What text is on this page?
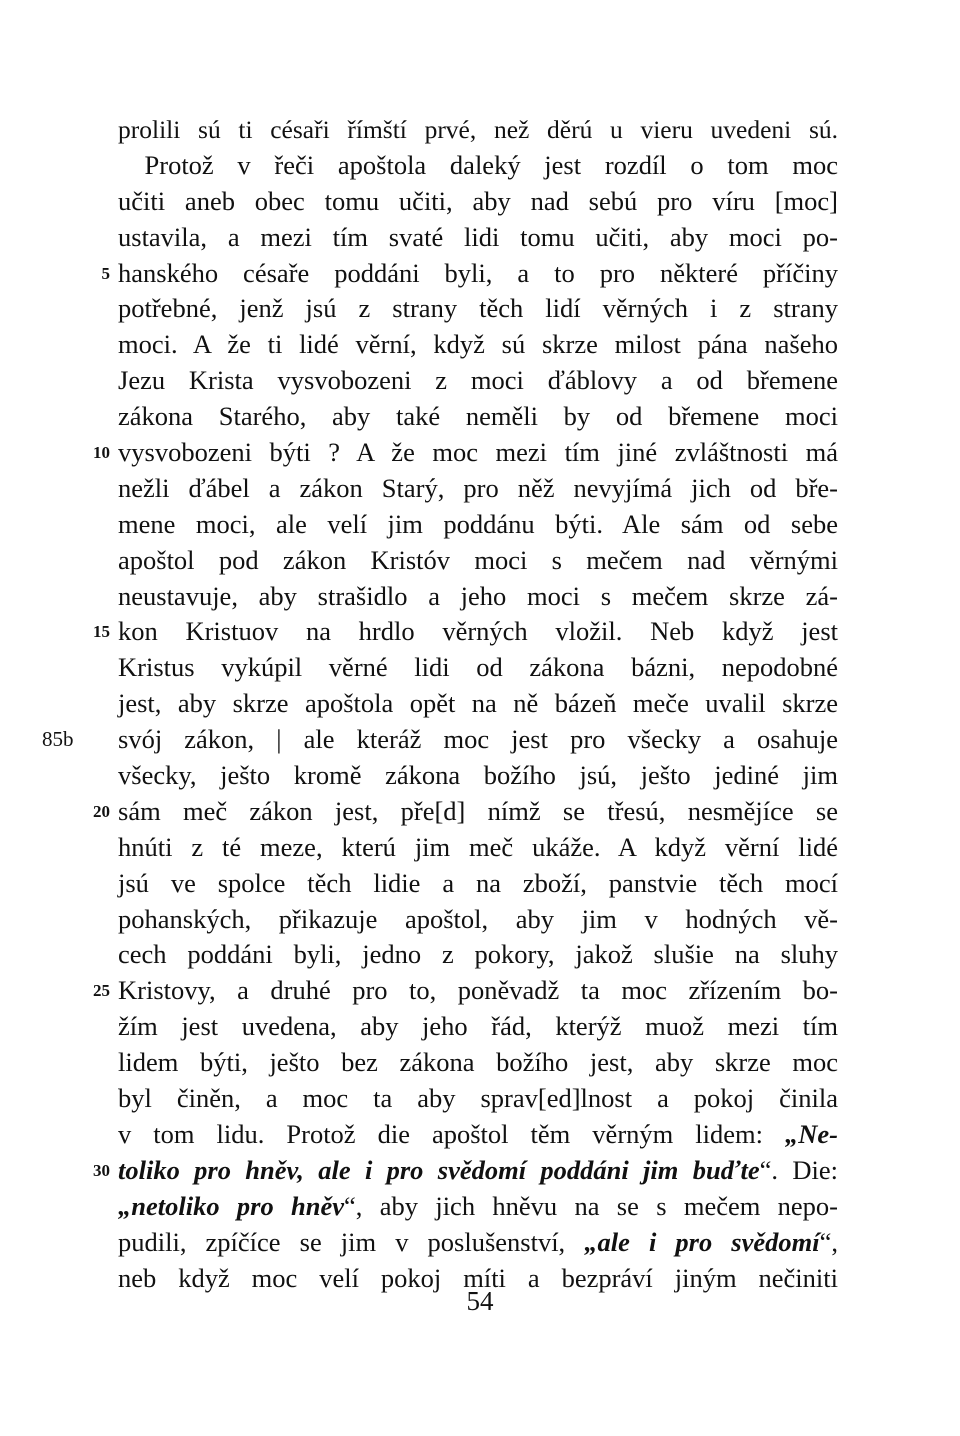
prolili sú ti césaři římští prvé, než děrú u vieru uvedeni sú.
 Protož v řeči apoštola daleký jest rozdíl o tom moc
učiti aneb obec tomu učiti, aby nad sebú pro víru [moc]
ustavila, a mezi tím svaté lidi tomu učiti, aby moci po-
5 hanského césaře poddáni byli, a to pro některé příčiny
potřebné, jenž jsú z strany těch lidí věrných i z strany
moci. A že ti lidé věrní, když sú skrze milost pána našeho
Jezu Krista vysvobozeni z moci ďáblovy a od břemene
zákona Starého, aby také neměli by od břemene moci
10 vysvobozeni býti ? A že moc mezi tím jiné zvláštnosti má
nežli ďábel a zákon Starý, pro něž nevyjímá jich od bře-
mene moci, ale velí jim poddánu býti. Ale sám od sebe
apoštol pod zákon Kristóv moci s mečem nad věrnými
neustavuje, aby strašidlo a jeho moci s mečem skrze zá-
15 kon Kristuov na hrdlo věrných vložil. Neb když jest
Kristus vykúpil věrné lidi od zákona bázni, nepodobné
jest, aby skrze apoštola opět na ně bázeň meče uvalil skrze
85b	svój zákon, | ale kteráž moc jest pro všecky a osahuje
všecky, ješto kromě zákona božího jsú, ješto jediné jim
20 sám meč zákon jest, pře[d] nímž se třesú, nesmějíce se
hnúti z té meze, kterú jim meč ukáže. A když věrní lidé
jsú ve spolce těch lidie a na zboží, panstvie těch mocí
pohanských, přikazuje apoštol, aby jim v hodných vě-
cech poddáni byli, jedno z pokory, jakož slušie na sluhy
25 Kristovy, a druhé pro to, poněvadž ta moc zřízením bo-
žím jest uvedena, aby jeho řád, kterýž muož mezi tím
lidem býti, ješto bez zákona božího jest, aby skrze moc
byl činěn, a moc ta aby sprav[ed]lnost a pokoj činila
v tom lidu. Protož die apoštol těm věrným lidem: „Ne-
30 toliko pro hněv, ale i pro svědomí poddáni jim buďte“. Die:
„netoliko pro hněv“, aby jich hněvu na se s mečem nepo-
pudili, zpíčíce se jim v poslušenství, „ale i pro svědomí“,
neb když moc velí pokoj míti a bezpráví jiným nečiniti
54
